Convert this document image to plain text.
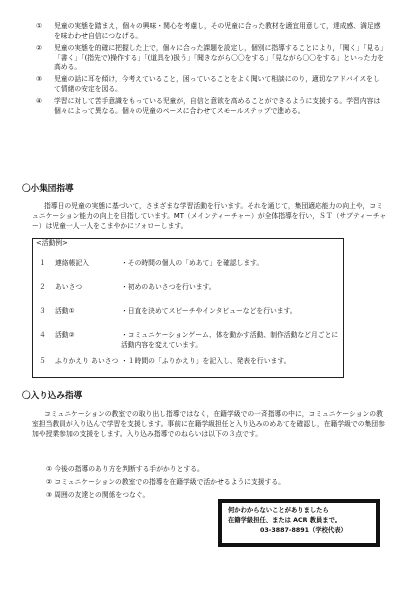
① 児童の実態を踏まえ，個々の興味・関心を考慮し，その児童に合った教材を適宜用意して，達成感、満足感を味わわせ自信につなげる。

② 児童の実態を的確に把握した上で，個々に合った課題を設定し，個別に指導することにより，「聞く」「見る」「書く」「(指先で)操作する」「(道具を)扱う」「聞きながら〇〇をする」「見ながら〇〇をする」といった力を高める。

③ 児童の話に耳を傾け，今考えていること，困っていることをよく聞いて相談にのり，適切なアドバイスをして情緒の安定を図る。

④ 学習に対して苦手意識をもっている児童が，自信と意欲を高めることができるように支援する。学習内容は個々によって異なる。個々の児童のペースに合わせてスモールステップで進める。

〇小集団指導

指導日の児童の実態に基づいて，さまざまな学習活動を行います。それを通じて，集団適応能力の向上や，コミュニケーション能力の向上を目指しています。MT（メインティーチャー）が全体指導を行い，ＳＴ（サブティーチャー）は児童一人一人をこまやかにフォローします。

<活動例>
１ 連絡帳記入	・その時間の個人の「めあて」を確認します。
２ あいさつ	・初めのあいさつを行います。
３ 活動①	・日直を決めてスピーチやインタビューなどを行います。
４ 活動②	・コミュニケーションゲーム、体を動かす活動、制作活動など月ごとに活動内容を変えています。
５ ふりかえり あいさつ ・１時間の「ふりかえり」を記入し、発表を行います。
〇入り込み指導

コミュニケーションの教室での取り出し指導ではなく，在籍学級での一斉指導の中に，コミュニケーションの教室担当教員が入り込んで学習を支援します。事前に在籍学級担任と入り込みのめあてを確認し，在籍学級での集団参加や授業参加の支援をします。入り込み指導でのねらいは以下の３点です。

① 今後の指導のあり方を判断する手がかりとする。
② コミュニケーションの教室での指導を在籍学級で活かせるように支援する。
③ 周囲の友達との関係をつなぐ。
何かわからないことがありましたら
在籍学級担任、または ACR 教員まで。
03-3887-8891（学校代表）
